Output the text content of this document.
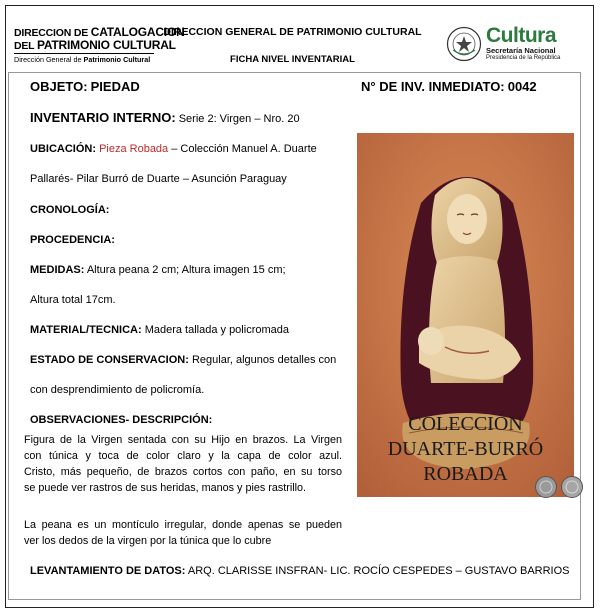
DIRECCION DE CATALOGACION
DEL PATRIMONIO CULTURAL
Dirección General de Patrimonio Cultural
DIRECCION GENERAL DE PATRIMONIO CULTURAL
FICHA NIVEL INVENTARIAL
Cultura
Secretaría Nacional
Presidencia de la República
OBJETO: PIEDAD	N° DE INV. INMEDIATO: 0042
INVENTARIO INTERNO: Serie 2: Virgen – Nro. 20
UBICACIÓN: Pieza Robada – Colección Manuel A. Duarte
Pallarés- Pilar Burró de Duarte – Asunción Paraguay
CRONOLOGÍA:
PROCEDENCIA:
MEDIDAS: Altura peana 2 cm; Altura imagen 15 cm;
Altura total 17cm.
MATERIAL/TECNICA: Madera tallada y policromada
ESTADO DE CONSERVACION: Regular, algunos detalles con
con desprendimiento de policromía.
OBSERVACIONES- DESCRIPCIÓN:

Figura de la Virgen sentada con su Hijo en brazos. La Virgen

con túnica y toca de color claro y la capa de color azul.

Cristo, más pequeño, de brazos cortos con paño, en su torso

se puede ver rastros de sus heridas, manos y pies rastrillo.

La peana es un montículo irregular, donde apenas se pueden

ver los dedos de la virgen por la túnica que lo cubre

LEVANTAMIENTO DE DATOS: ARQ. CLARISSE INSFRAN- LIC. ROCÍO CESPEDES – GUSTAVO BARRIOS
COLECCIÓN
DUARTE-BURRÓ
ROBADA
